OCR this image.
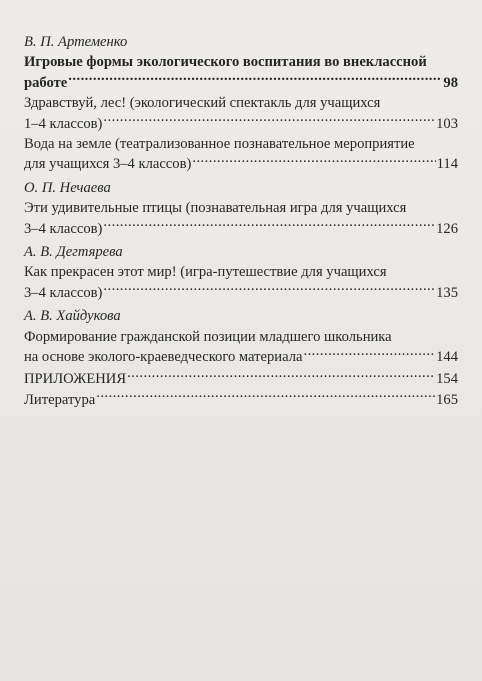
В. П. Артеменко
Игровые формы экологического воспитания во внеклассной
работе . . .	98
Здравствуй, лес! (экологический спектакль для учащихся
1–4 классов) . . .	103
Вода на земле (театрализованное познавательное мероприятие
для учащихся 3–4 классов) . . .	114
О. П. Нечаева
Эти удивительные птицы (познавательная игра для учащихся
3–4 классов) . . .	126
А. В. Дегтярева
Как прекрасен этот мир! (игра-путешествие для учащихся
3–4 классов) . . .	135
А. В. Хайдукова
Формирование гражданской позиции младшего школьника
на основе эколого-краеведческого материала . . .	144
ПРИЛОЖЕНИЯ . . .	154
Литература . . .	165
